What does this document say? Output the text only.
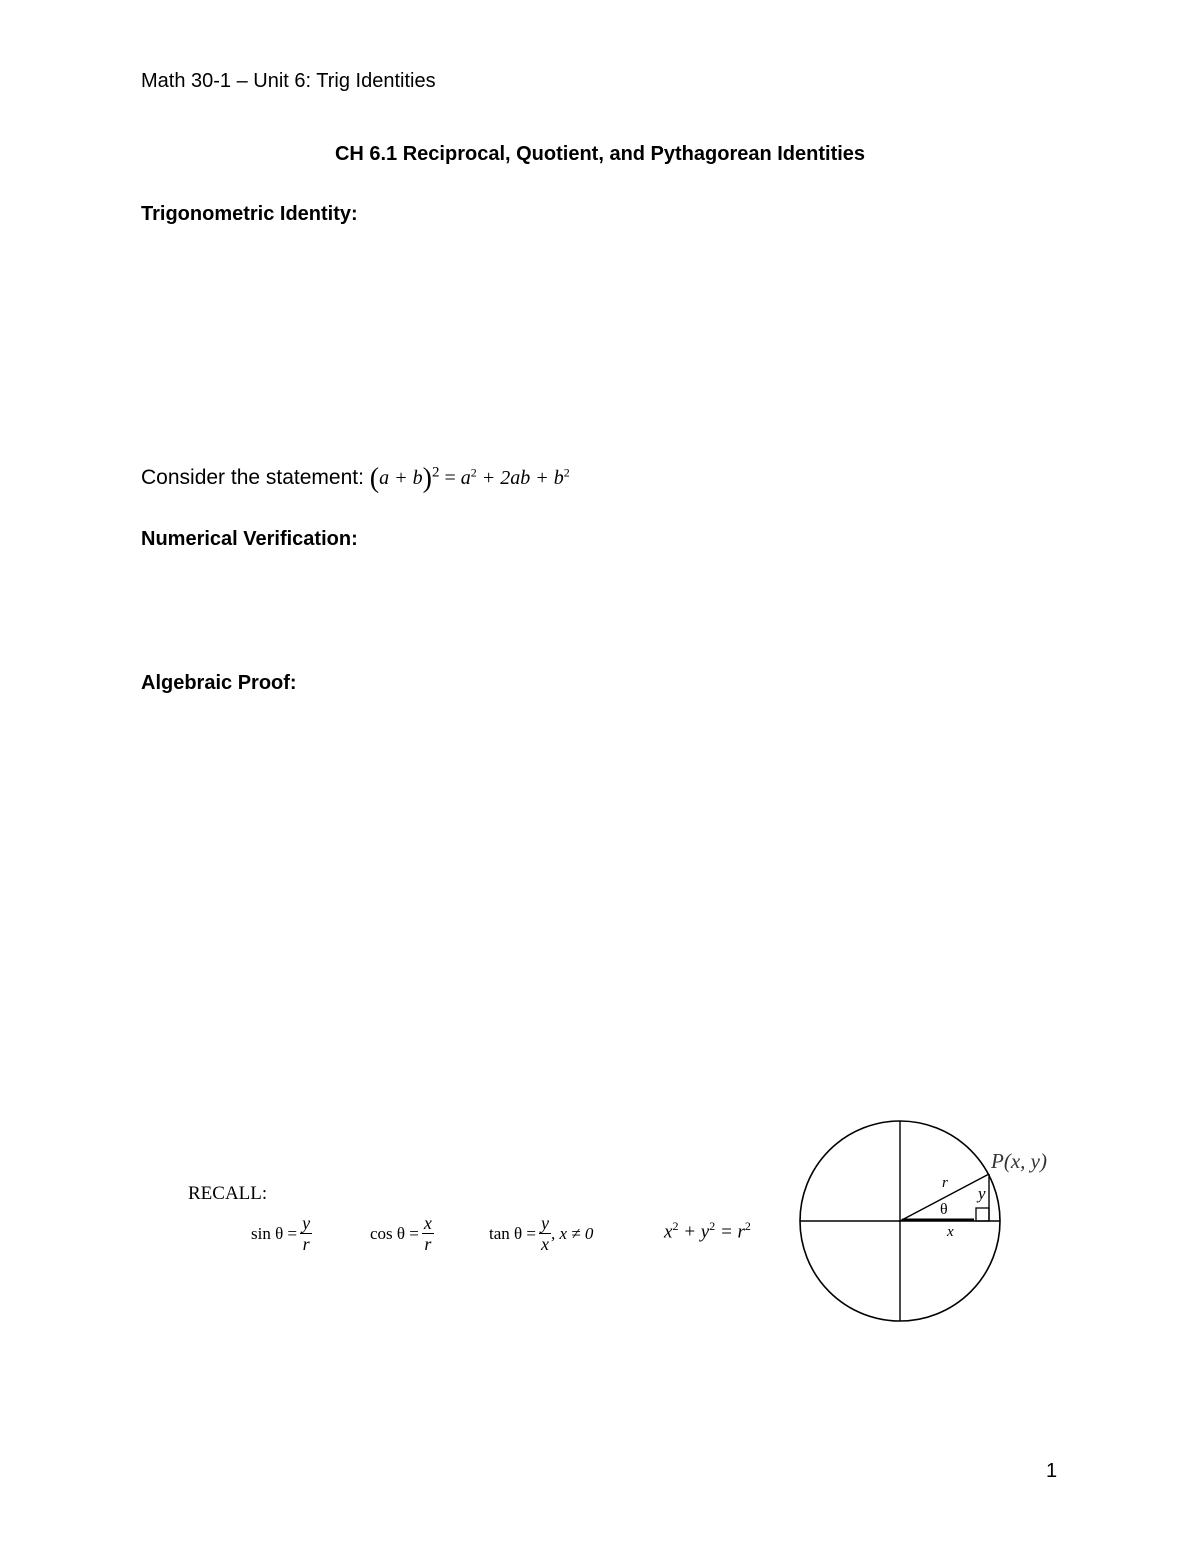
Math 30-1 – Unit 6: Trig Identities
CH 6.1 Reciprocal, Quotient, and Pythagorean Identities
Trigonometric Identity:
Consider the statement: $(a + b)^2 = a^2 + 2ab + b^2$
Numerical Verification:
Algebraic Proof:
RECALL:
$\sin \theta = \frac{y}{r}$	$\cos \theta = \frac{x}{r}$	$\tan \theta = \frac{y}{x}$ , x ≠ 0	$x^2 + y^2 = r^2$
θ
r
y
x
P(x, y)
1
